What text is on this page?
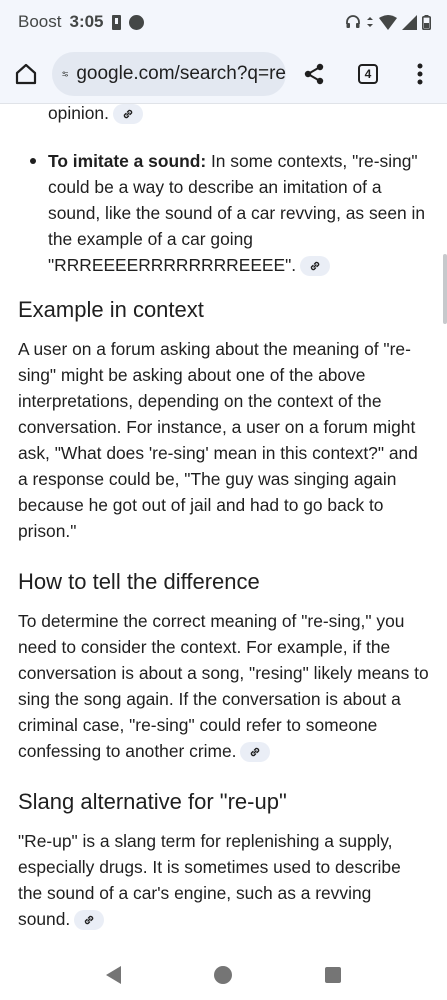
Boost 3:05
google.com/search?q=re	4
opinion.
To imitate a sound: In some contexts, "re-sing"
could be a way to describe an imitation of a
sound, like the sound of a car revving, as seen in
the example of a car going
"RRREEEERRRRRRRREEEE".
Example in context
A user on a forum asking about the meaning of "re-
sing" might be asking about one of the above
interpretations, depending on the context of the
conversation. For instance, a user on a forum might
ask, "What does 're-sing' mean in this context?" and
a response could be, "The guy was singing again
because he got out of jail and had to go back to
prison."
How to tell the difference
To determine the correct meaning of "re-sing," you
need to consider the context. For example, if the
conversation is about a song, "resing" likely means to
sing the song again. If the conversation is about a
criminal case, "re-sing" could refer to someone
confessing to another crime.
Slang alternative for "re-up"
"Re-up" is a slang term for replenishing a supply,
especially drugs. It is sometimes used to describe
the sound of a car's engine, such as a revving
sound.
